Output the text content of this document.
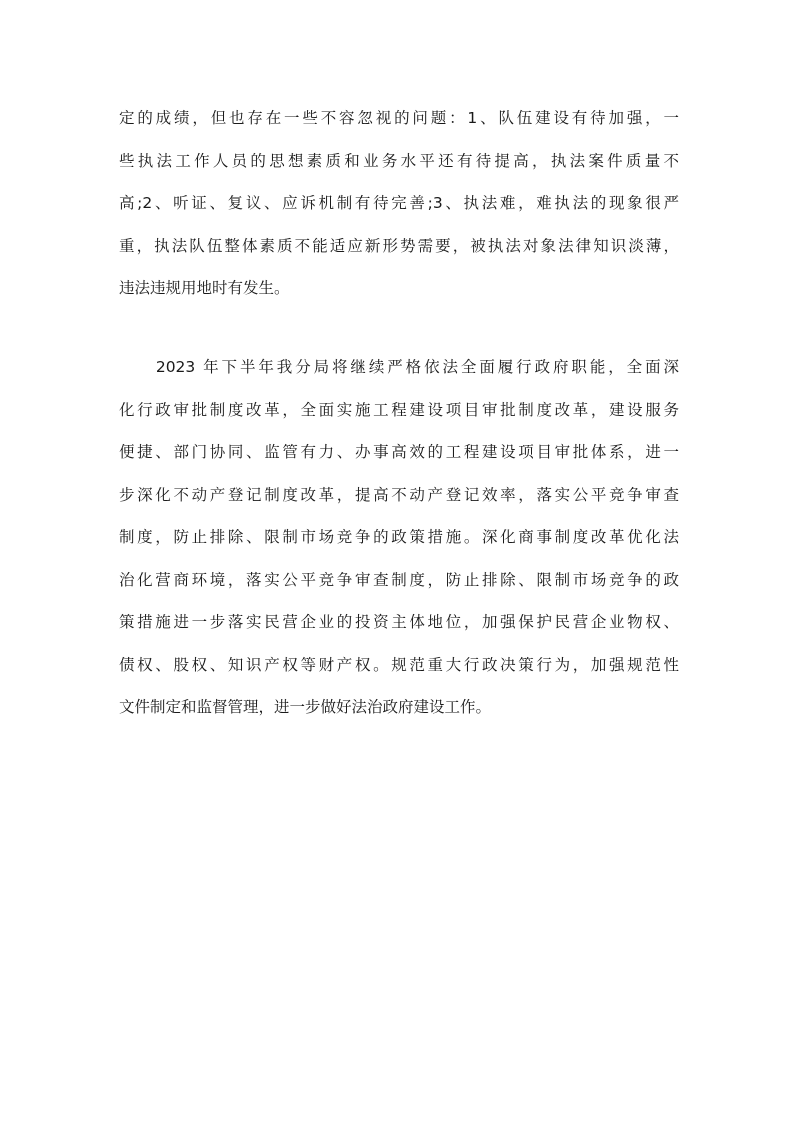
定的成绩，但也存在一些不容忽视的问题：1、队伍建设有待加强，一
些执法工作人员的思想素质和业务水平还有待提高，执法案件质量不
高;2、听证、复议、应诉机制有待完善;3、执法难，难执法的现象很严
重，执法队伍整体素质不能适应新形势需要，被执法对象法律知识淡薄，
违法违规用地时有发生。

　　2023 年下半年我分局将继续严格依法全面履行政府职能，全面深
化行政审批制度改革，全面实施工程建设项目审批制度改革，建设服务
便捷、部门协同、监管有力、办事高效的工程建设项目审批体系，进一
步深化不动产登记制度改革，提高不动产登记效率，落实公平竞争审查
制度，防止排除、限制市场竞争的政策措施。深化商事制度改革优化法
治化营商环境，落实公平竞争审查制度，防止排除、限制市场竞争的政
策措施进一步落实民营企业的投资主体地位，加强保护民营企业物权、
债权、股权、知识产权等财产权。规范重大行政决策行为，加强规范性
文件制定和监督管理，进一步做好法治政府建设工作。
